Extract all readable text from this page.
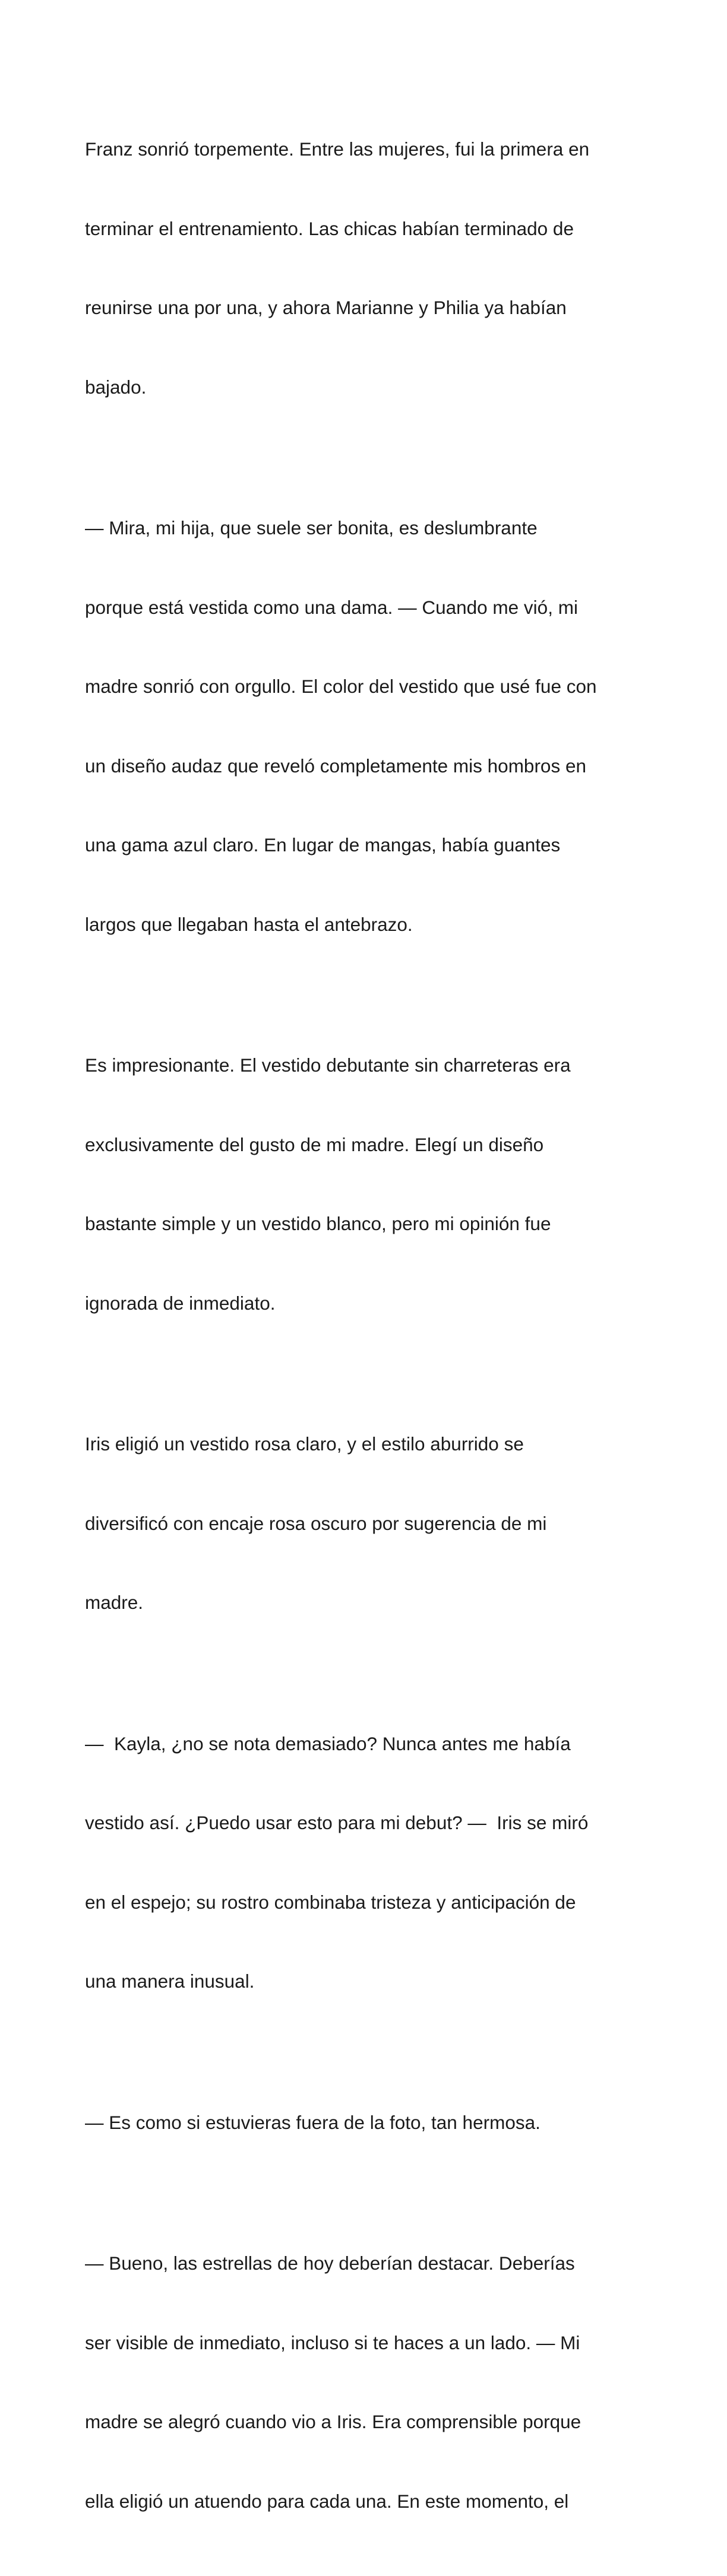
Franz sonrió torpemente. Entre las mujeres, fui la primera en

terminar el entrenamiento. Las chicas habían terminado de

reunirse una por una, y ahora Marianne y Philia ya habían

bajado.

— Mira, mi hija, que suele ser bonita, es deslumbrante

porque está vestida como una dama. — Cuando me vió, mi

madre sonrió con orgullo. El color del vestido que usé fue con

un diseño audaz que reveló completamente mis hombros en

una gama azul claro. En lugar de mangas, había guantes

largos que llegaban hasta el antebrazo.

Es impresionante. El vestido debutante sin charreteras era

exclusivamente del gusto de mi madre. Elegí un diseño

bastante simple y un vestido blanco, pero mi opinión fue

ignorada de inmediato.

Iris eligió un vestido rosa claro, y el estilo aburrido se

diversificó con encaje rosa oscuro por sugerencia de mi

madre.

—  Kayla, ¿no se nota demasiado? Nunca antes me había

vestido así. ¿Puedo usar esto para mi debut? —  Iris se miró

en el espejo; su rostro combinaba tristeza y anticipación de

una manera inusual.

— Es como si estuvieras fuera de la foto, tan hermosa.

— Bueno, las estrellas de hoy deberían destacar. Deberías

ser visible de inmediato, incluso si te haces a un lado. — Mi

madre se alegró cuando vio a Iris. Era comprensible porque

ella eligió un atuendo para cada una. En este momento, el
